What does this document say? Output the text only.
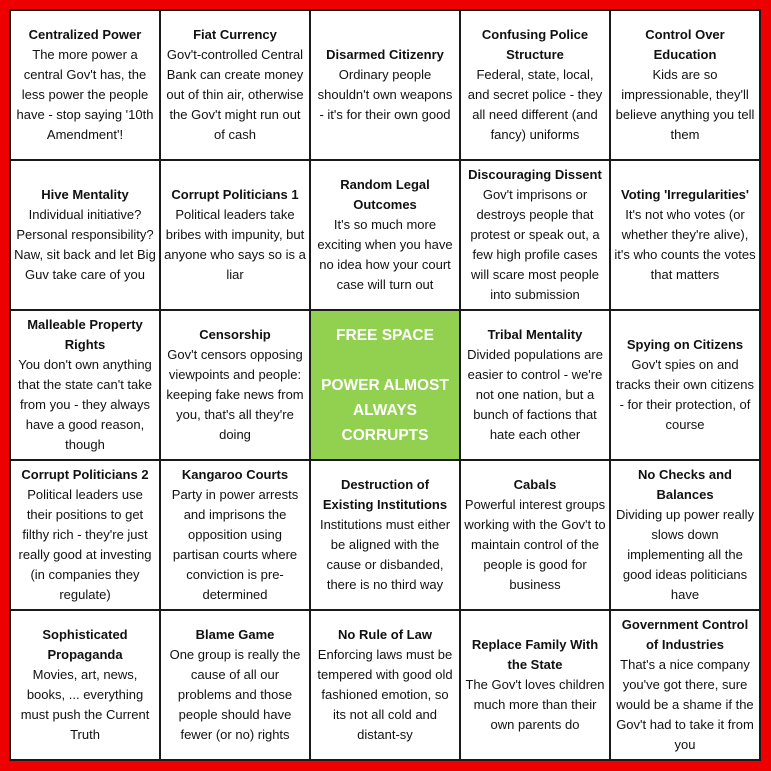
Centralized Power
The more power a central Gov't has, the less power the people have - stop saying '10th Amendment'!
Fiat Currency
Gov't-controlled Central Bank can create money out of thin air, otherwise the Gov't might run out of cash
Disarmed Citizenry
Ordinary people shouldn't own weapons - it's for their own good
Confusing Police Structure
Federal, state, local, and secret police - they all need different (and fancy) uniforms
Control Over Education
Kids are so impressionable, they'll believe anything you tell them
Hive Mentality
Individual initiative? Personal responsibility? Naw, sit back and let Big Guv take care of you
Corrupt Politicians 1
Political leaders take bribes with impunity, but anyone who says so is a liar
Random Legal Outcomes
It's so much more exciting when you have no idea how your court case will turn out
Discouraging Dissent
Gov't imprisons or destroys people that protest or speak out, a few high profile cases will scare most people into submission
Voting 'Irregularities'
It's not who votes (or whether they're alive), it's who counts the votes that matters
Malleable Property Rights
You don't own anything that the state can't take from you - they always have a good reason, though
Censorship
Gov't censors opposing viewpoints and people: keeping fake news from you, that's all they're doing
FREE SPACE
POWER ALMOST ALWAYS CORRUPTS
Tribal Mentality
Divided populations are easier to control - we're not one nation, but a bunch of factions that hate each other
Spying on Citizens
Gov't spies on and tracks their own citizens - for their protection, of course
Corrupt Politicians 2
Political leaders use their positions to get filthy rich - they're just really good at investing (in companies they regulate)
Kangaroo Courts
Party in power arrests and imprisons the opposition using partisan courts where conviction is pre-determined
Destruction of Existing Institutions
Institutions must either be aligned with the cause or disbanded, there is no third way
Cabals
Powerful interest groups working with the Gov't to maintain control of the people is good for business
No Checks and Balances
Dividing up power really slows down implementing all the good ideas politicians have
Sophisticated Propaganda
Movies, art, news, books, ... everything must push the Current Truth
Blame Game
One group is really the cause of all our problems and those people should have fewer (or no) rights
No Rule of Law
Enforcing laws must be tempered with good old fashioned emotion, so its not all cold and distant-sy
Replace Family With the State
The Gov't loves children much more than their own parents do
Government Control of Industries
That's a nice company you've got there, sure would be a shame if the Gov't had to take it from you
